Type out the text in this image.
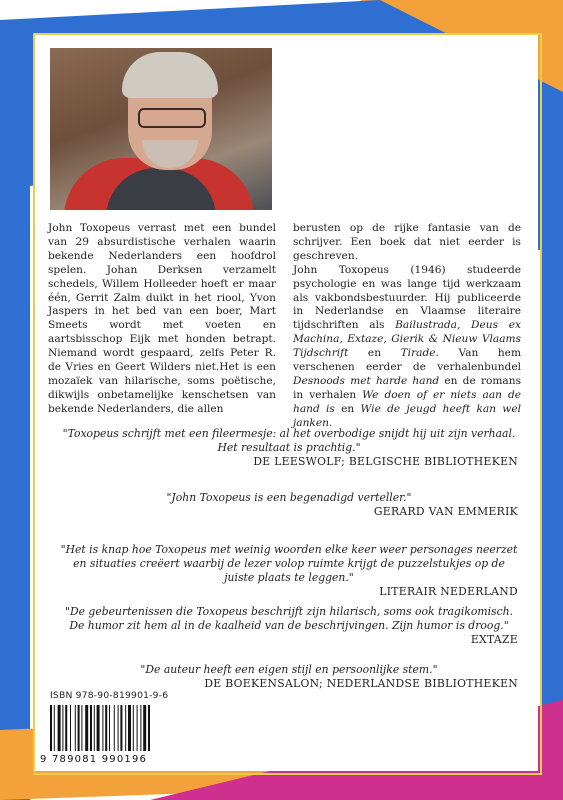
John Toxopeus verrast met een bundel van 29 absurdistische verhalen waarin bekende Nederlanders een hoofdrol spelen. Johan Derksen verzamelt schedels, Willem Holleeder hoeft er maar één, Gerrit Zalm duikt in het riool, Yvon Jaspers in het bed van een boer, Mart Smeets wordt met voeten en aartsbisschop Eijk met honden betrapt. Niemand wordt gespaard, zelfs Peter R. de Vries en Geert Wilders niet.Het is een mozaïek van hilarische, soms poëtische, dikwijls onbetamelijke kenschetsen van bekende Nederlanders, die allen

berusten op de rijke fantasie van de schrijver. Een boek dat niet eerder is geschreven.
John Toxopeus (1946) studeerde psychologie en was lange tijd werkzaam als vakbondsbestuurder. Hij publiceerde in Nederlandse en Vlaamse literaire tijdschriften als Bailustrada, Deus ex Machina, Extaze, Gierik & Nieuw Vlaams Tijdschrift en Tirade. Van hem verschenen eerder de verhalenbundel Desnoods met harde hand en de romans in verhalen We doen of er niets aan de hand is en Wie de jeugd heeft kan wel janken.

"Toxopeus schrijft met een fileermesje: al het overbodige snijdt hij uit zijn verhaal. Het resultaat is prachtig."

DE LEESWOLF; BELGISCHE BIBLIOTHEKEN

"John Toxopeus is een begenadigd verteller."

GERARD VAN EMMERIK

"Het is knap hoe Toxopeus met weinig woorden elke keer weer personages neerzet en situaties creëert waarbij de lezer volop ruimte krijgt de puzzelstukjes op de juiste plaats te leggen."

LITERAIR NEDERLAND

"De gebeurtenissen die Toxopeus beschrijft zijn hilarisch, soms ook tragikomisch. De humor zit hem al in de kaalheid van de beschrijvingen. Zijn humor is droog."

EXTAZE

"De auteur heeft een eigen stijl en persoonlijke stem."

DE BOEKENSALON; NEDERLANDSE BIBLIOTHEKEN

ISBN 978-90-819901-9-6
9 789081 990196
